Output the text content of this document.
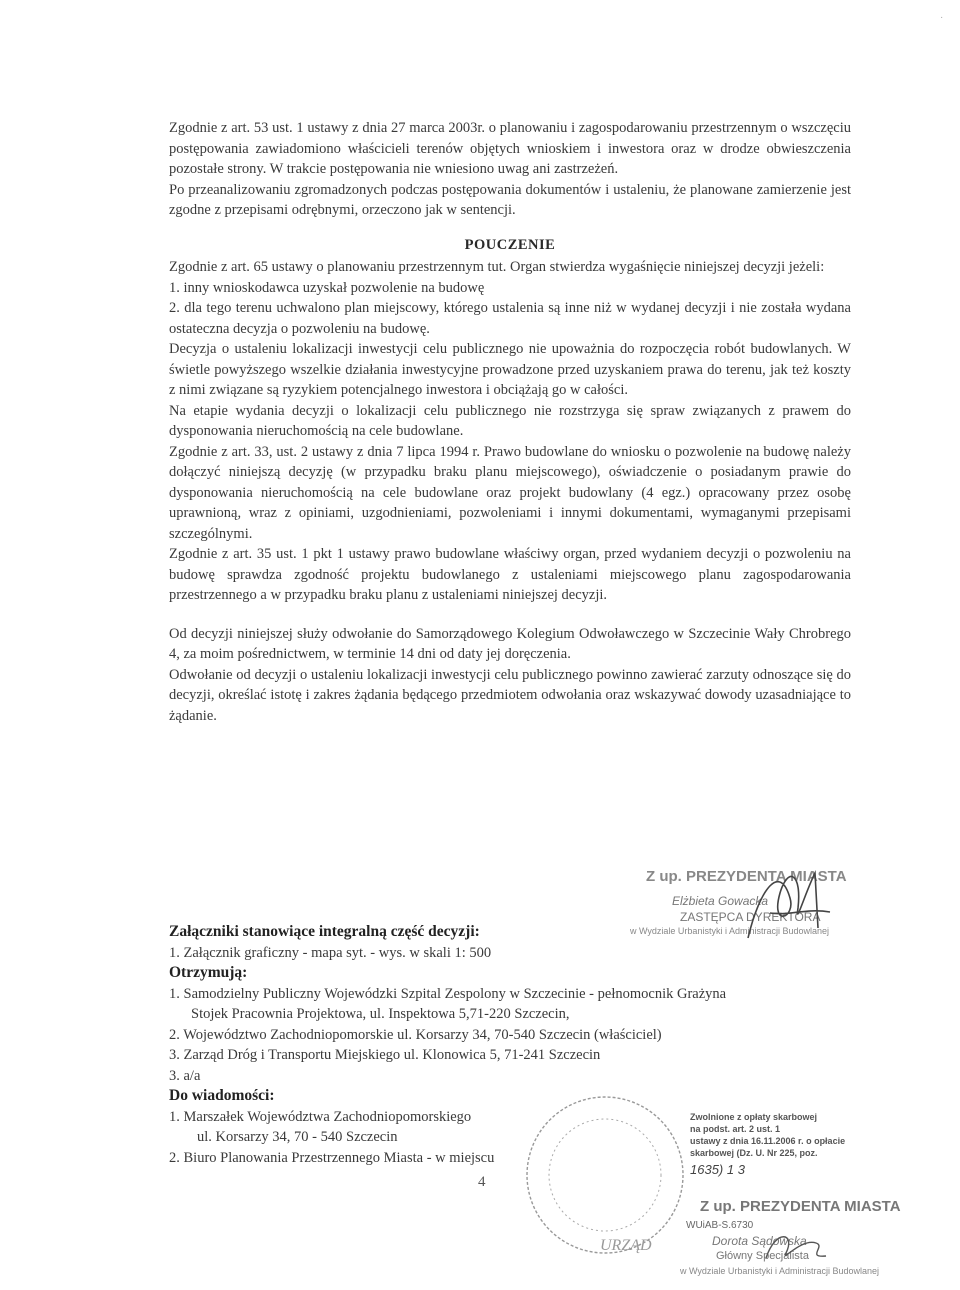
·

Zgodnie z art. 53 ust. 1 ustawy z dnia 27 marca 2003r. o planowaniu i zagospodarowaniu przestrzennym o wszczęciu postępowania zawiadomiono właścicieli terenów objętych wnioskiem i inwestora oraz w drodze obwieszczenia pozostałe strony. W trakcie postępowania nie wniesiono uwag ani zastrzeżeń.

Po przeanalizowaniu zgromadzonych podczas postępowania dokumentów i ustaleniu, że planowane zamierzenie jest zgodne z przepisami odrębnymi, orzeczono jak w sentencji.

POUCZENIE

Zgodnie z art. 65 ustawy o planowaniu przestrzennym tut. Organ stwierdza wygaśnięcie niniejszej decyzji jeżeli:

1. inny wnioskodawca uzyskał pozwolenie na budowę

2. dla tego terenu uchwalono plan miejscowy, którego ustalenia są inne niż w wydanej decyzji i nie została wydana ostateczna decyzja o pozwoleniu na budowę.

Decyzja o ustaleniu lokalizacji inwestycji celu publicznego nie upoważnia do rozpoczęcia robót budowlanych. W świetle powyższego wszelkie działania inwestycyjne prowadzone przed uzyskaniem prawa do terenu, jak też koszty z nimi związane są ryzykiem potencjalnego inwestora i obciążają go w całości.

Na etapie wydania decyzji o lokalizacji celu publicznego nie rozstrzyga się spraw związanych z prawem do dysponowania nieruchomością na cele budowlane.

Zgodnie z art. 33, ust. 2 ustawy z dnia 7 lipca 1994 r. Prawo budowlane do wniosku o pozwolenie na budowę należy dołączyć niniejszą decyzję (w przypadku braku planu miejscowego), oświadczenie o posiadanym prawie do dysponowania nieruchomością na cele budowlane oraz projekt budowlany (4 egz.) opracowany przez osobę uprawnioną, wraz z opiniami, uzgodnieniami, pozwoleniami i innymi dokumentami, wymaganymi przepisami szczególnymi.

Zgodnie z art. 35 ust. 1 pkt 1 ustawy prawo budowlane właściwy organ, przed wydaniem decyzji o pozwoleniu na budowę sprawdza zgodność projektu budowlanego z ustaleniami miejscowego planu zagospodarowania przestrzennego a w przypadku braku planu z ustaleniami niniejszej decyzji.

Od decyzji niniejszej służy odwołanie do Samorządowego Kolegium Odwoławczego w Szczecinie Wały Chrobrego 4, za moim pośrednictwem, w terminie 14 dni od daty jej doręczenia.

Odwołanie od decyzji o ustaleniu lokalizacji inwestycji celu publicznego powinno zawierać zarzuty odnoszące się do decyzji, określać istotę i zakres żądania będącego przedmiotem odwołania oraz wskazywać dowody uzasadniające to żądanie.

Z up. PREZYDENTA MIASTA
Elżbieta Gowacka
ZASTĘPCA DYREKTORA
w Wydziale Urbanistyki i Administracji Budowlanej

Załączniki stanowiące integralną część decyzji:

1. Załącznik graficzny - mapa syt. - wys. w skali 1: 500

Otrzymują:

1. Samodzielny Publiczny Wojewódzki Szpital Zespolony w Szczecinie - pełnomocnik Grażyna

Stojek Pracownia Projektowa, ul. Inspektowa 5,71-220 Szczecin,

2. Województwo Zachodniopomorskie ul. Korsarzy 34, 70-540 Szczecin (właściciel)

3. Zarząd Dróg i Transportu Miejskiego ul. Klonowica 5, 71-241 Szczecin

3. a/a

Do wiadomości:

1. Marszałek Województwa Zachodniopomorskiego

ul. Korsarzy 34, 70 - 540 Szczecin

2. Biuro Planowania Przestrzennego Miasta - w miejscu

URZĄD
Zwolnione z opłaty skarbowej
na podst. art. 2 ust. 1
ustawy z dnia 16.11.2006 r. o opłacie
skarbowej (Dz. U. Nr 225, poz.
1635) 1 3
Z up. PREZYDENTA MIASTA
WUiAB-S.6730
Dorota Sądowska
Główny Specjalista
w Wydziale Urbanistyki i Administracji Budowlanej
4
